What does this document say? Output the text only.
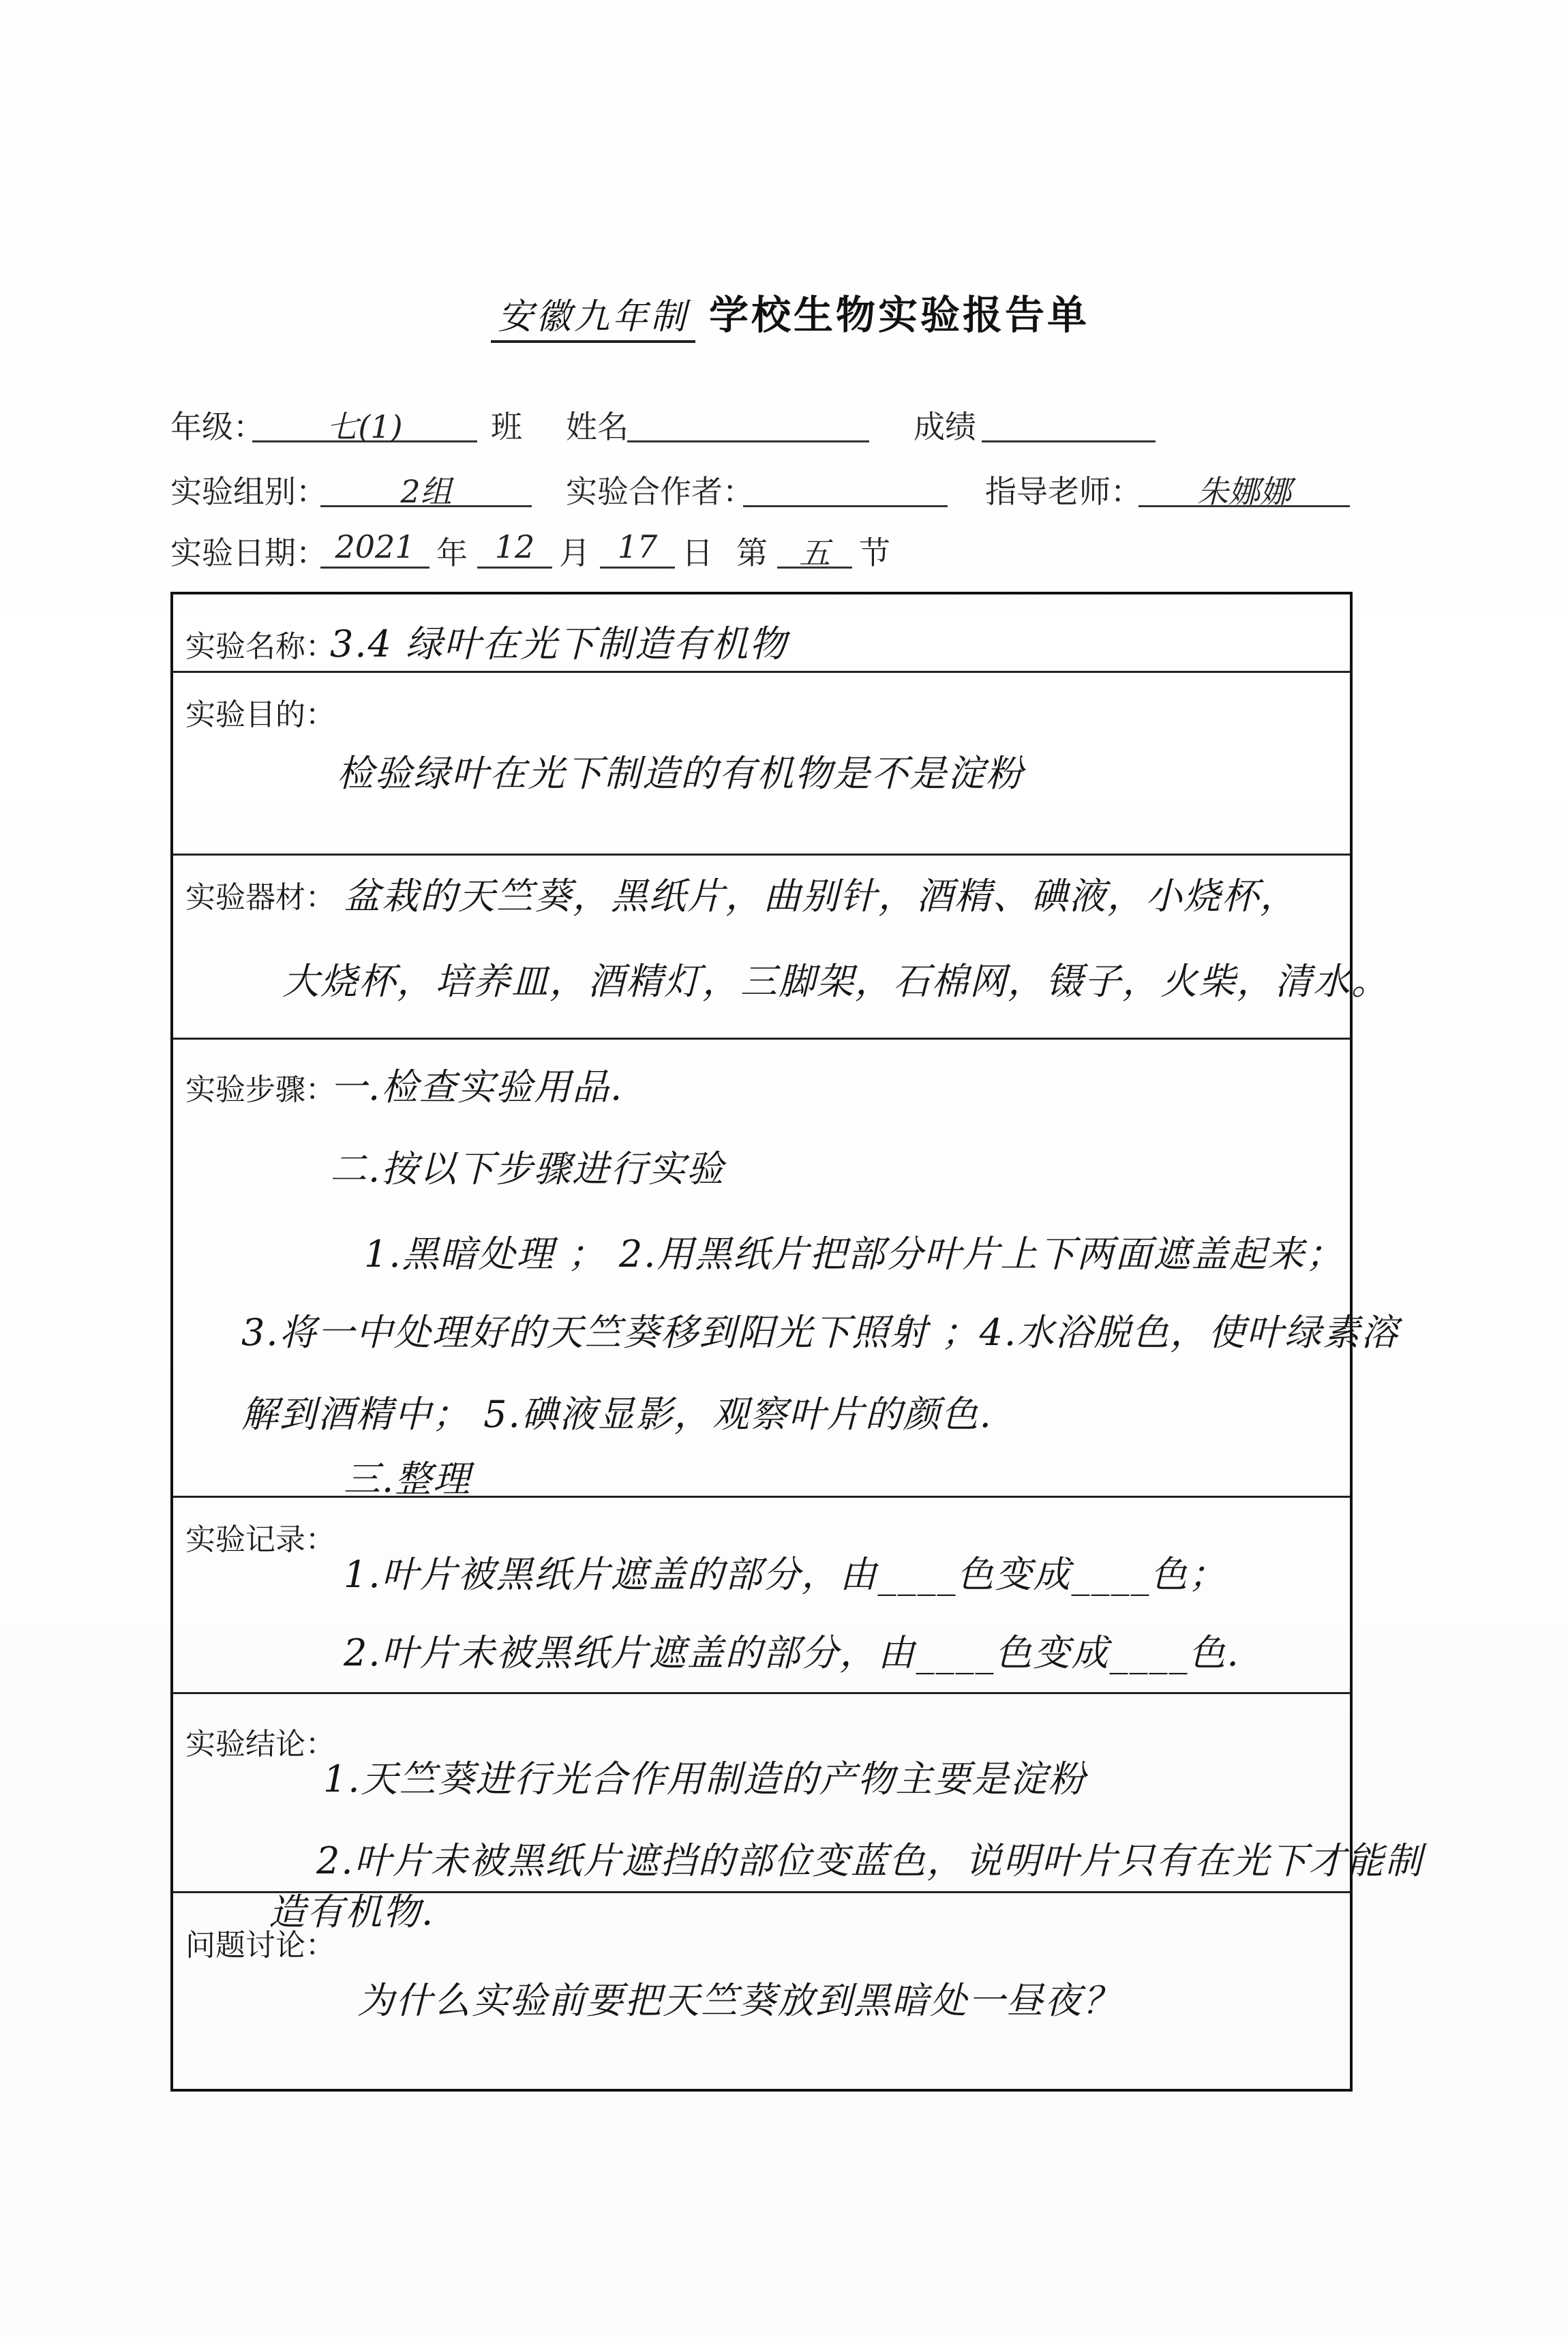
安徽九年制 学校生物实验报告单
年级：	七(1)	班 姓名	成绩
实验组别：	2组	实验合作者：	指导老师：	朱娜娜
实验日期： 2021 年 12 月 17 日 第	五 节
实验名称：
3.4 绿叶在光下制造有机物
实验目的：
检验绿叶在光下制造的有机物是不是淀粉
实验器材： 盆栽的天竺葵，黑纸片，曲别针，酒精、碘液，小烧杯，
大烧杯，培养皿，酒精灯，三脚架，石棉网，镊子，火柴，清水。
实验步骤：
一.检查实验用品.
二.按以下步骤进行实验
1.黑暗处理 ； 2.用黑纸片把部分叶片上下两面遮盖起来；
3.将一中处理好的天竺葵移到阳光下照射 ；4.水浴脱色，使叶绿素溶
解到酒精中； 5.碘液显影，观察叶片的颜色.
三.整理
实验记录：
1.叶片被黑纸片遮盖的部分，由____色变成____色；
2.叶片未被黑纸片遮盖的部分，由____色变成____色.
实验结论：
1.天竺葵进行光合作用制造的产物主要是淀粉
2.叶片未被黑纸片遮挡的部位变蓝色，说明叶片只有在光下才能制
造有机物.
问题讨论：
为什么实验前要把天竺葵放到黑暗处一昼夜？
